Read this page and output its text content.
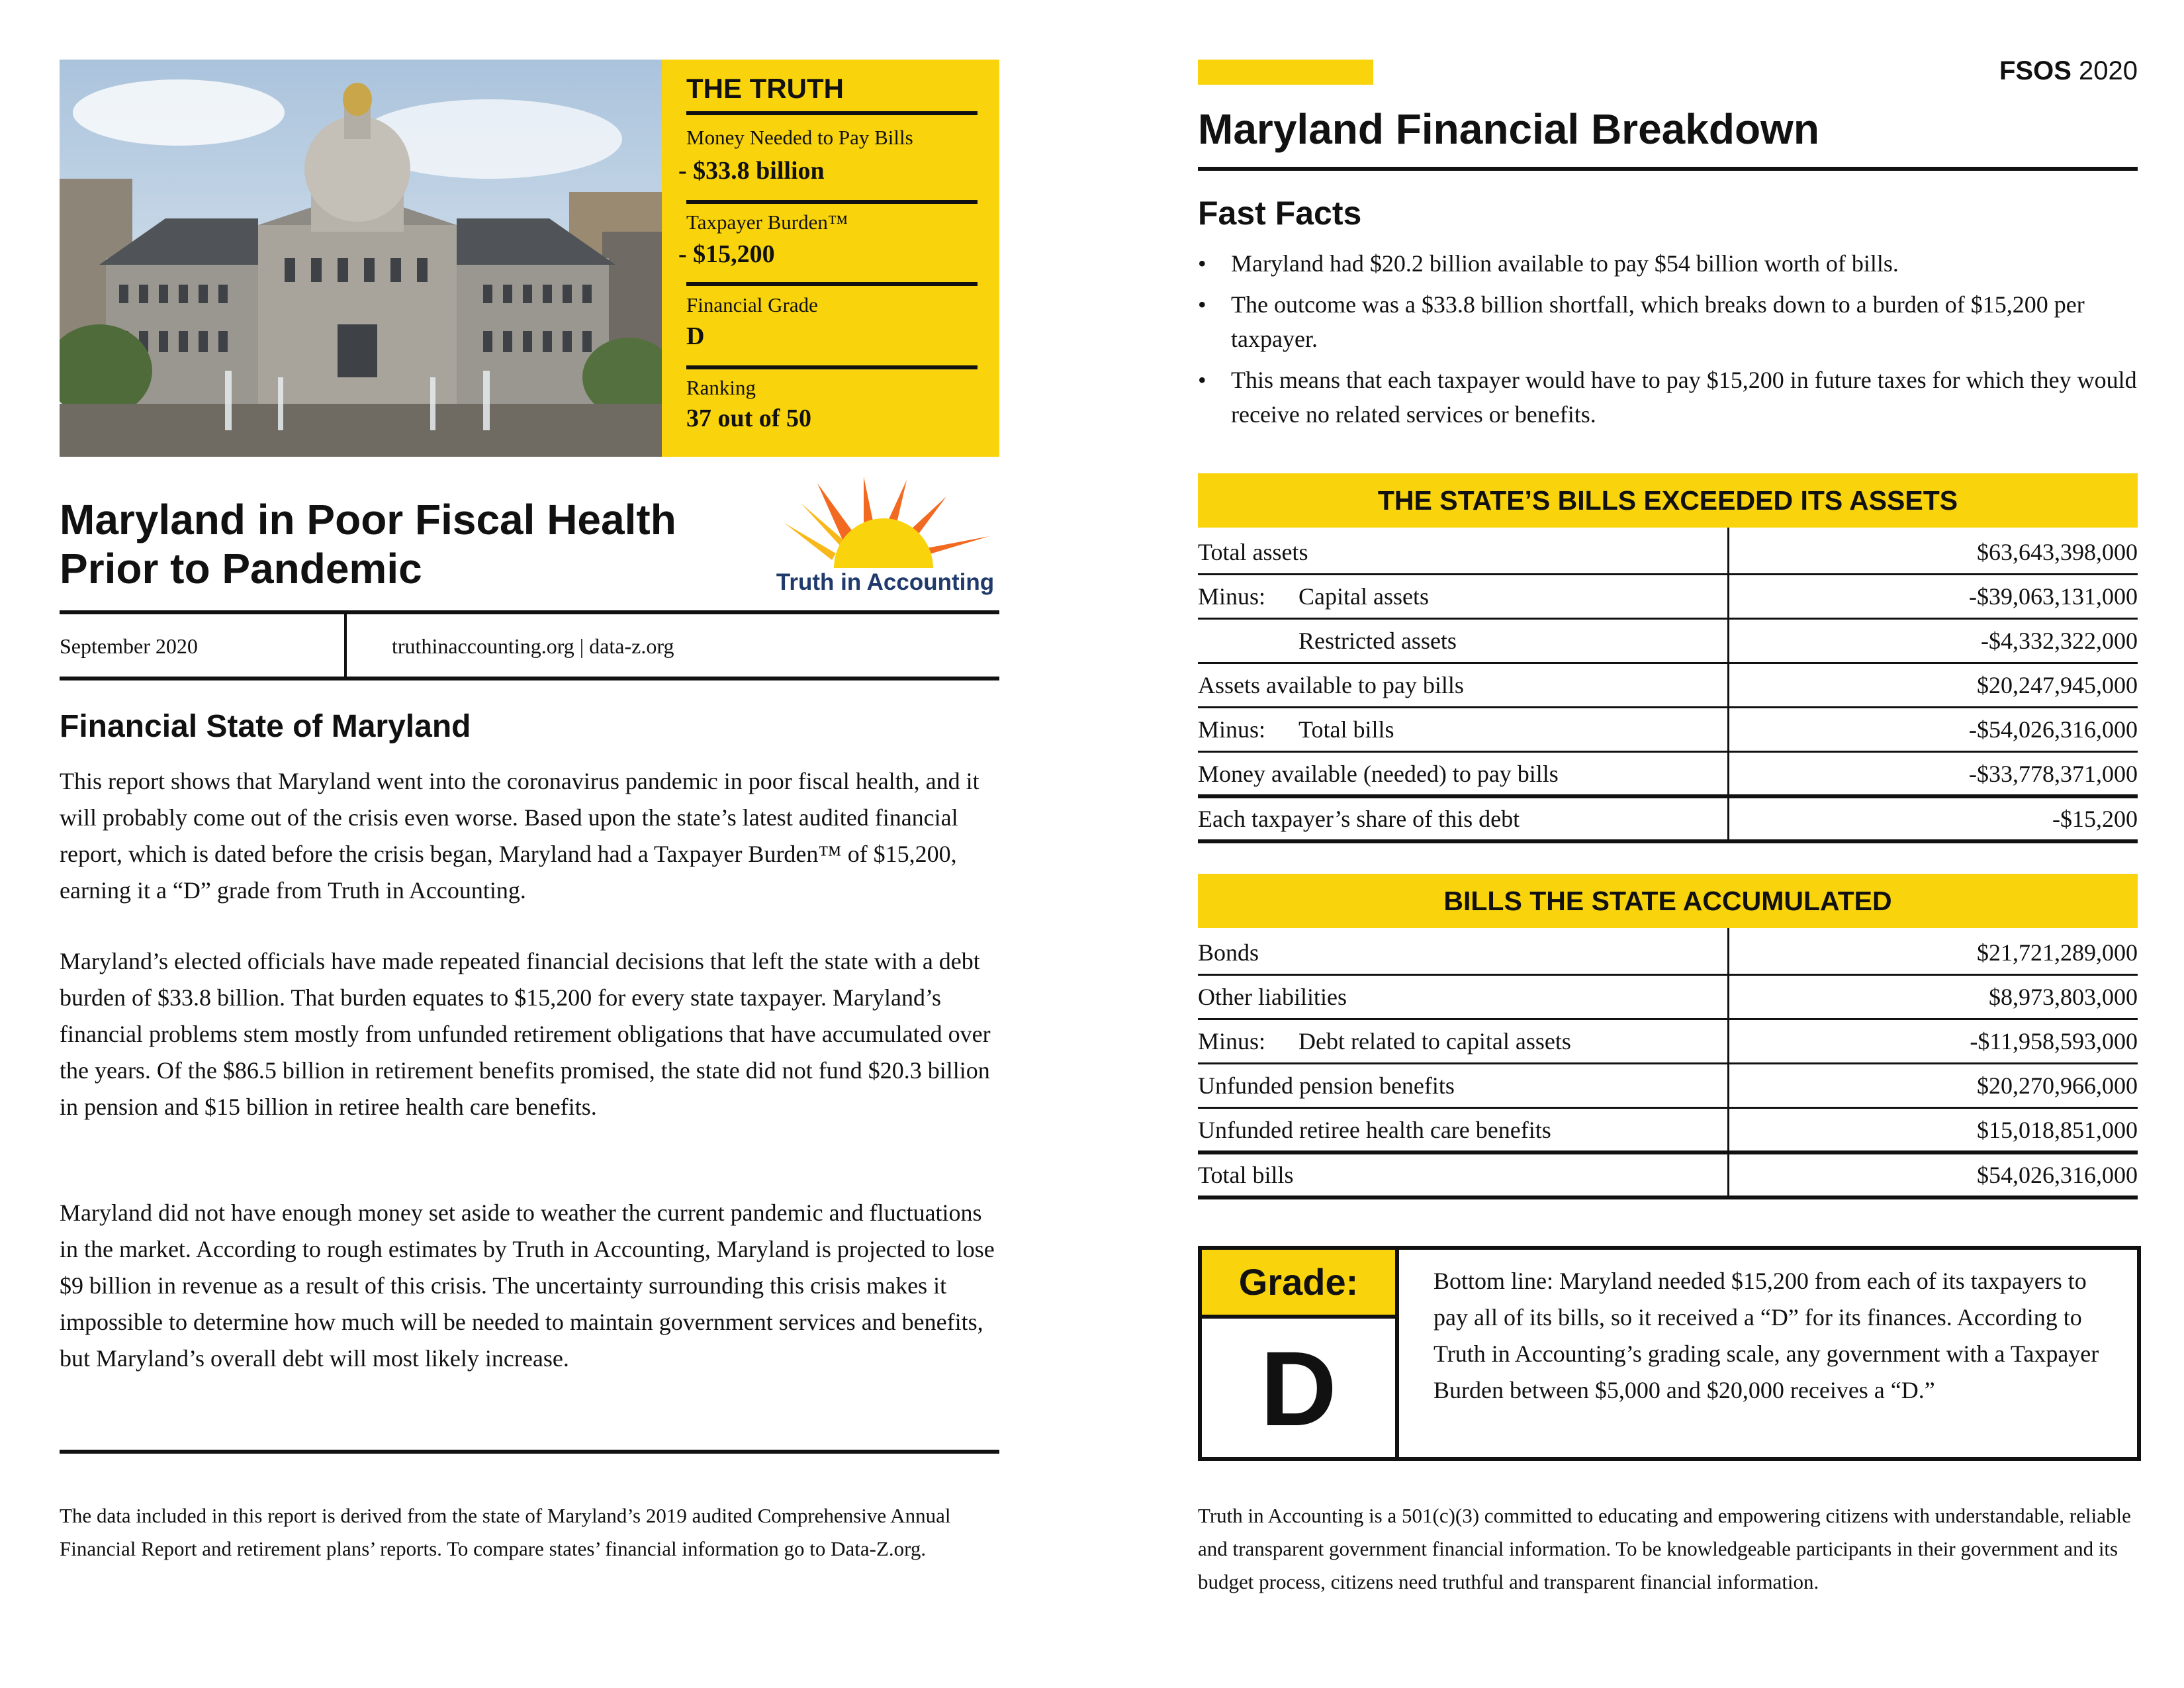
THE TRUTH
Money Needed to Pay Bills
- $33.8 billion
Taxpayer Burden™
- $15,200
Financial Grade
D
Ranking
37 out of 50
Maryland in Poor Fiscal Health
Prior to Pandemic	Truth in Accounting
September 2020	truthinaccounting.org | data-z.org
Financial State of Maryland
This report shows that Maryland went into the coronavirus pandemic in poor fiscal health, and it will probably come out of the crisis even worse. Based upon the state’s latest audited financial report, which is dated before the crisis began, Maryland had a Taxpayer Burden™ of $15,200, earning it a “D” grade from Truth in Accounting.
Maryland’s elected officials have made repeated financial decisions that left the state with a debt burden of $33.8 billion. That burden equates to $15,200 for every state taxpayer. Maryland’s financial problems stem mostly from unfunded retirement obligations that have accumulated over the years. Of the $86.5 billion in retirement benefits promised, the state did not fund $20.3 billion in pension and $15 billion in retiree health care benefits.
Maryland did not have enough money set aside to weather the current pandemic and fluctuations in the market. According to rough estimates by Truth in Accounting, Maryland is projected to lose $9 billion in revenue as a result of this crisis. The uncertainty surrounding this crisis makes it impossible to determine how much will be needed to maintain government services and benefits, but Maryland’s overall debt will most likely increase.
The data included in this report is derived from the state of Maryland’s 2019 audited Comprehensive Annual Financial Report and retirement plans’ reports. To compare states’ financial information go to Data-Z.org.
FSOS 2020
Maryland Financial Breakdown
Fast Facts
• Maryland had $20.2 billion available to pay $54 billion worth of bills.
• The outcome was a $33.8 billion shortfall, which breaks down to a burden of $15,200 per taxpayer.
• This means that each taxpayer would have to pay $15,200 in future taxes for which they would receive no related services or benefits.
THE STATE’S BILLS EXCEEDED ITS ASSETS
Total assets	$63,643,398,000
Minus: Capital assets	-$39,063,131,000
Restricted assets	-$4,332,322,000
Assets available to pay bills	$20,247,945,000
Minus: Total bills	-$54,026,316,000
Money available (needed) to pay bills	-$33,778,371,000
Each taxpayer’s share of this debt	-$15,200
BILLS THE STATE ACCUMULATED
Bonds	$21,721,289,000
Other liabilities	$8,973,803,000
Minus: Debt related to capital assets	-$11,958,593,000
Unfunded pension benefits	$20,270,966,000
Unfunded retiree health care benefits	$15,018,851,000
Total bills	$54,026,316,000
Grade:
D
Bottom line: Maryland needed $15,200 from each of its taxpayers to pay all of its bills, so it received a “D” for its finances. According to Truth in Accounting’s grading scale, any government with a Taxpayer Burden between $5,000 and $20,000 receives a “D.”
Truth in Accounting is a 501(c)(3) committed to educating and empowering citizens with understandable, reliable and transparent government financial information. To be knowledgeable participants in their government and its budget process, citizens need truthful and transparent financial information.
